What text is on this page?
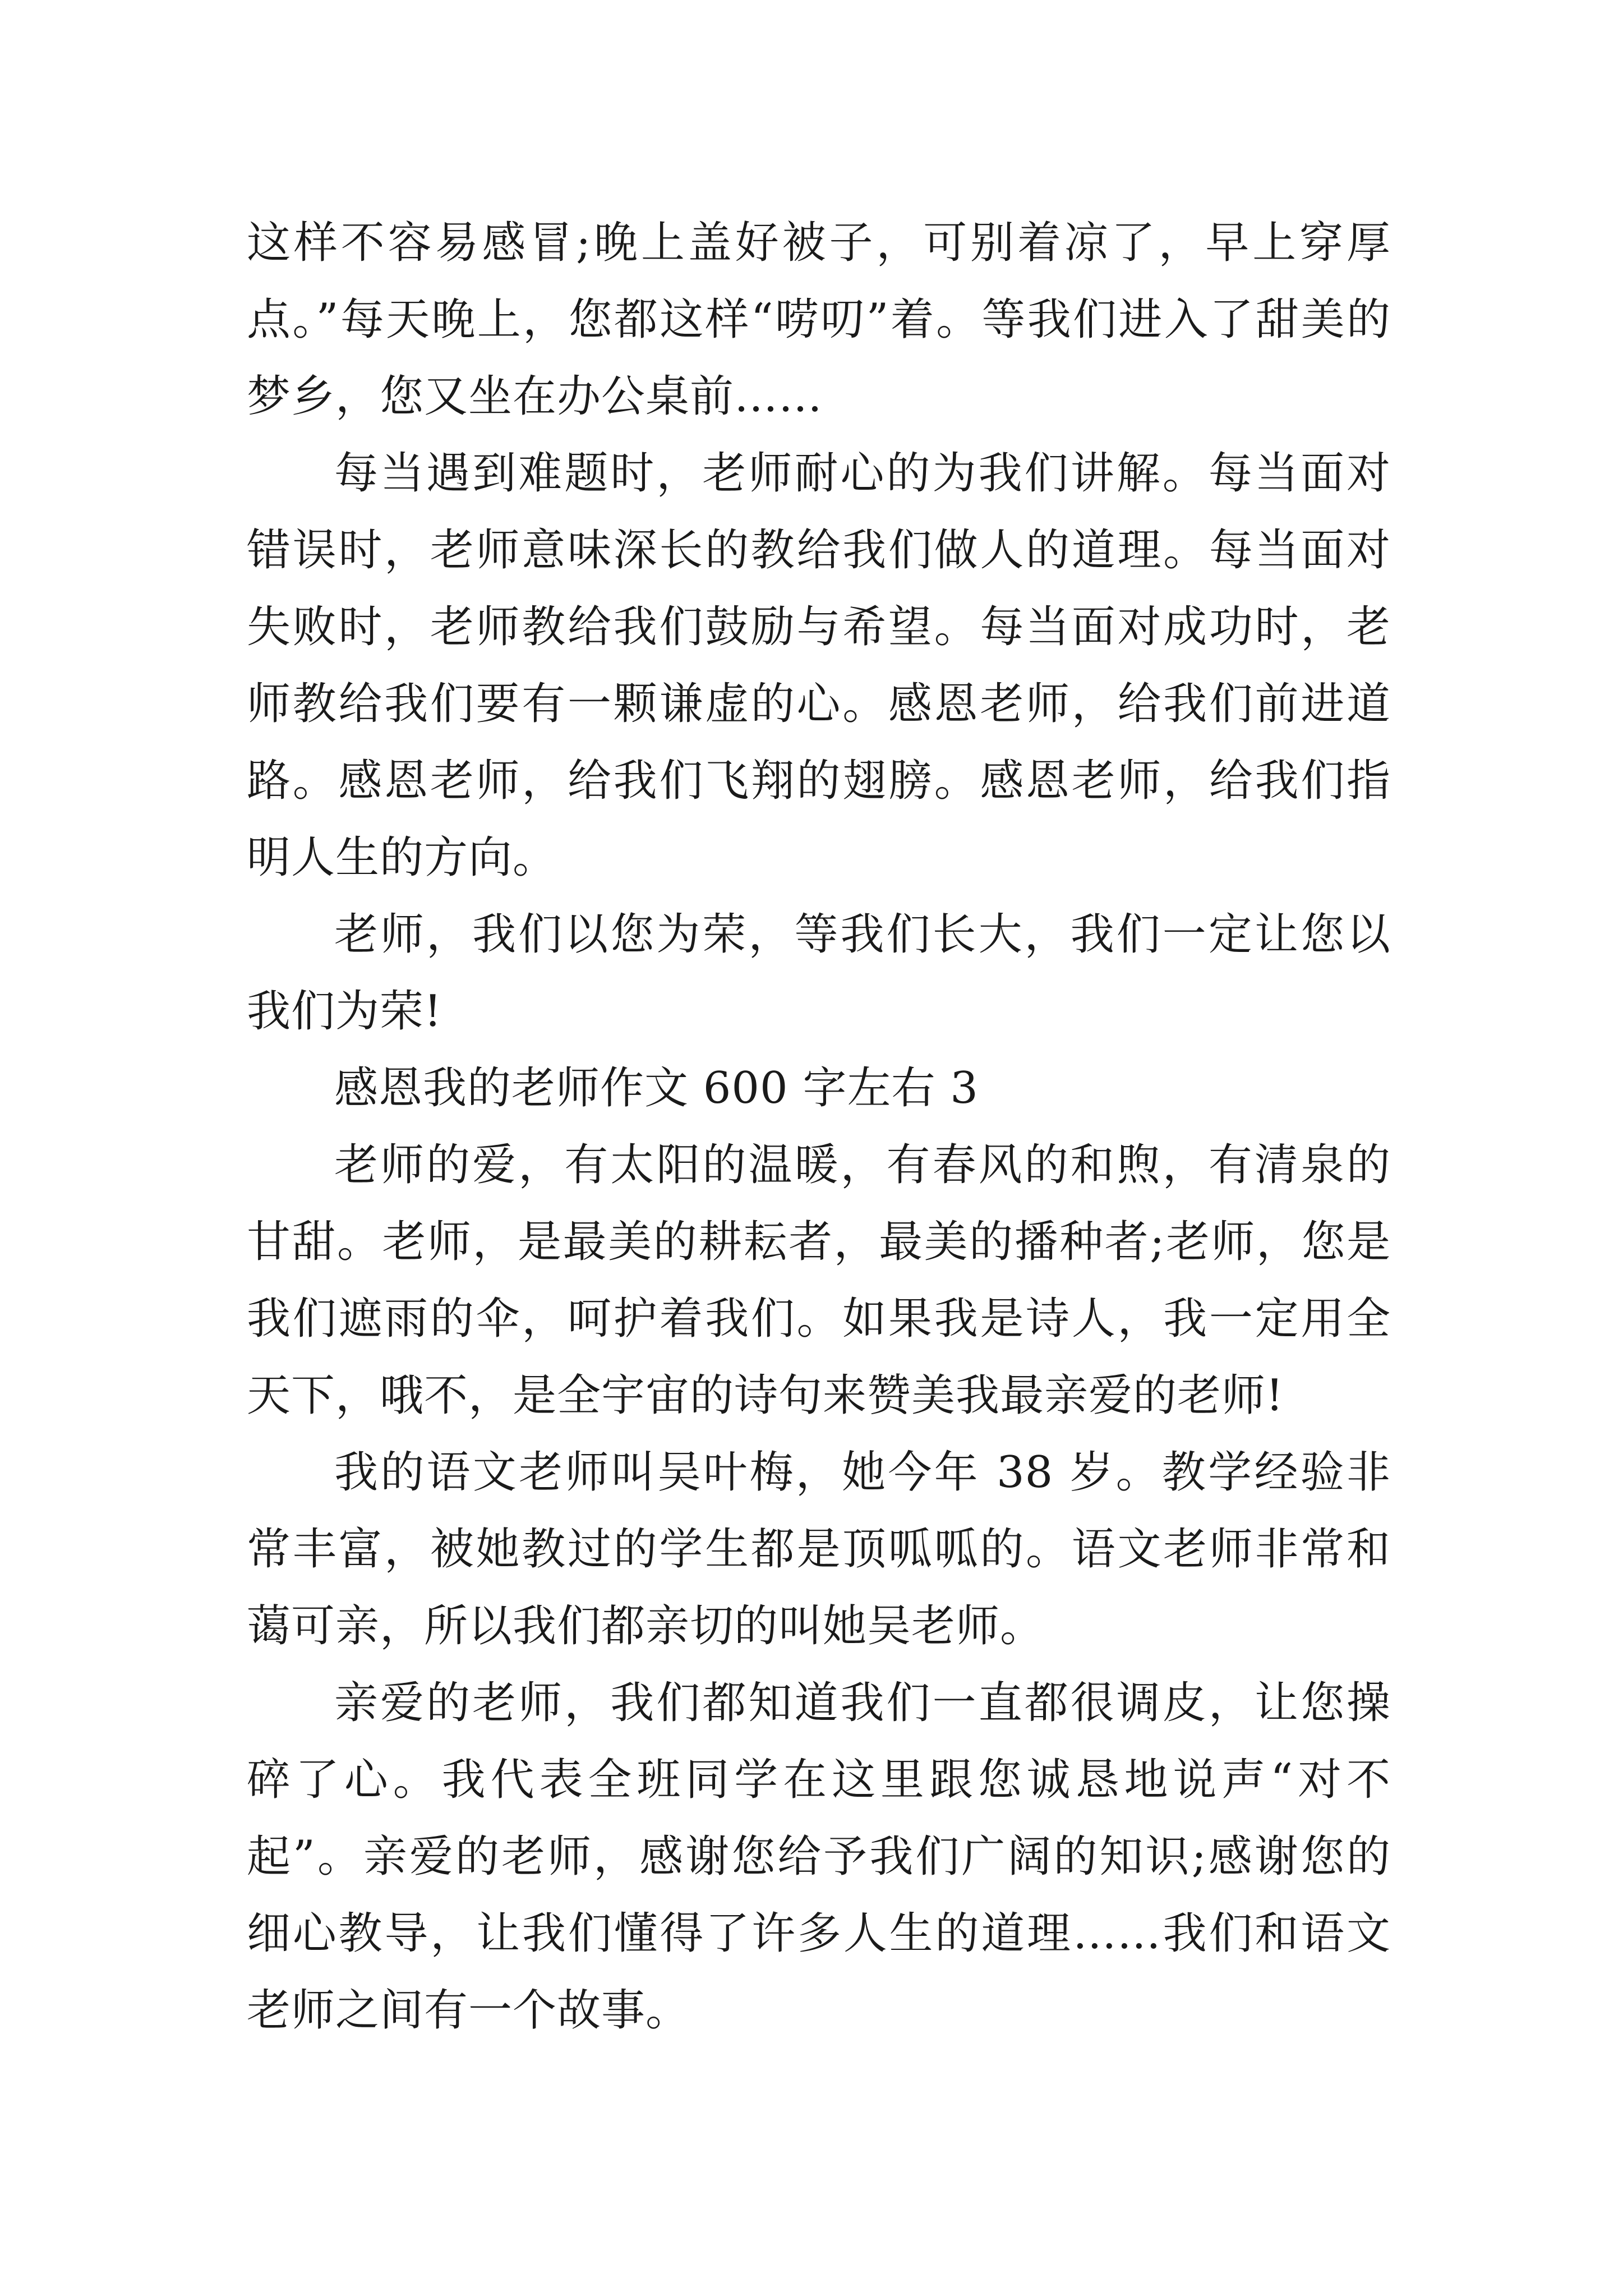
这样不容易感冒;晚上盖好被子，可别着凉了，早上穿厚点。”每天晚上，您都这样“唠叨”着。等我们进入了甜美的梦乡，您又坐在办公桌前……

每当遇到难题时，老师耐心的为我们讲解。每当面对错误时，老师意味深长的教给我们做人的道理。每当面对失败时，老师教给我们鼓励与希望。每当面对成功时，老师教给我们要有一颗谦虚的心。感恩老师，给我们前进道路。感恩老师，给我们飞翔的翅膀。感恩老师，给我们指明人生的方向。

老师，我们以您为荣，等我们长大，我们一定让您以我们为荣!

感恩我的老师作文 600 字左右 3

老师的爱，有太阳的温暖，有春风的和煦，有清泉的甘甜。老师，是最美的耕耘者，最美的播种者;老师，您是我们遮雨的伞，呵护着我们。如果我是诗人，我一定用全天下，哦不，是全宇宙的诗句来赞美我最亲爱的老师!

我的语文老师叫吴叶梅，她今年 38 岁。教学经验非常丰富，被她教过的学生都是顶呱呱的。语文老师非常和蔼可亲，所以我们都亲切的叫她吴老师。

亲爱的老师，我们都知道我们一直都很调皮，让您操碎了心。我代表全班同学在这里跟您诚恳地说声“对不起”。亲爱的老师，感谢您给予我们广阔的知识;感谢您的细心教导，让我们懂得了许多人生的道理……我们和语文老师之间有一个故事。
